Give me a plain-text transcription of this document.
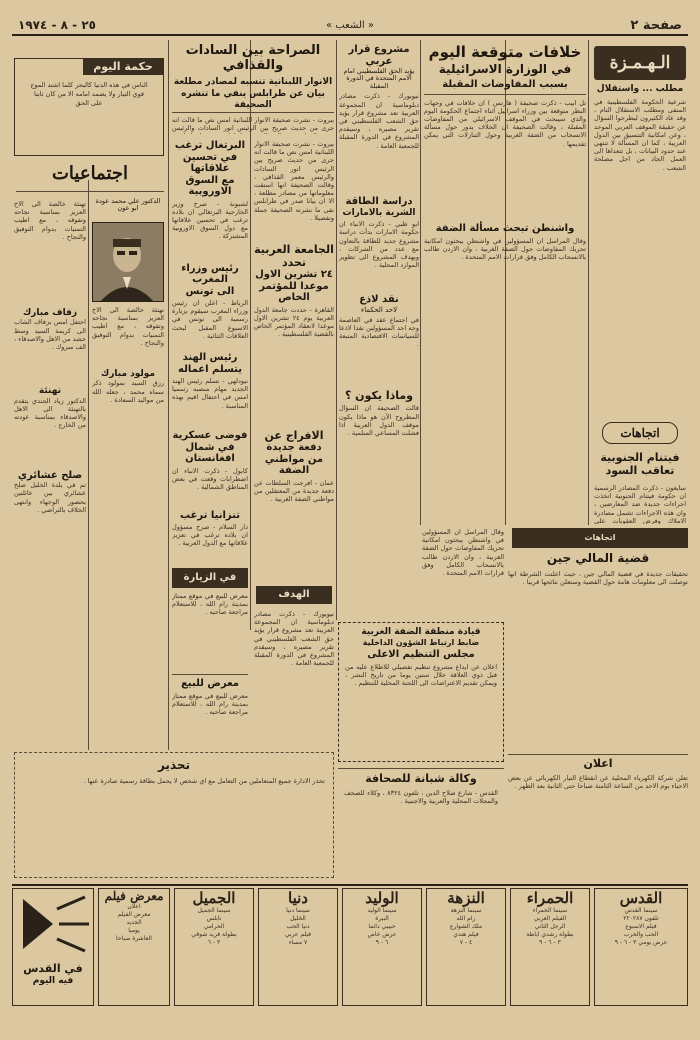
صفحة ٢
« الشعب »
٢٥ - ٨ - ١٩٧٤
الـهـمـزة
مطلب ... واستقلال
شرعية الحكومة الفلسطينية في المنفى ومطلب الاستقلال التام ، وقد عاد الكثيرون ليطرحوا السؤال عن حقيقة الموقف العربي الموحد ، وعن امكانية التنسيق بين الدول العربية ، كما ان المسألة لا تنتهي عند حدود البيانات ، بل تتعداها الى العمل الجاد من اجل مصلحة الشعب .
اتجاهات
فيتنام الجنوبية تعاقب السود
سايغون - ذكرت المصادر الرسمية ان حكومة فيتنام الجنوبية اتخذت اجراءات جديدة ضد المعارضين ، وان هذه الاجراءات تشمل مصادرة الاملاك وفرض العقوبات على
خلافات متوقعة اليوم
في الوزارة الاسرائيلية
بسبب المفاوضات المقبلة
تل ابيب - ذكرت صحيفة ( هارتس ) ان خلافات في وجهات النظر متوقعة بين وزراء اسرائيل اثناء اجتماع الحكومة اليوم والذي سيبحث في الموقف الاسرائيلي من المفاوضات المقبلة ، وقالت الصحيفة ان الخلاف يدور حول مسألة الانسحاب من الضفة الغربية وحول التنازلات التي يمكن تقديمها .
واشنطن تبحث مسألة الضفة
وقال المراسل ان المسؤولين في واشنطن يبحثون امكانية تحريك المفاوضات حول الضفة الغربية ، وان الاردن طالب بالانسحاب الكامل وفق قرارات الامم المتحدة .
مشروع قرار عربي
يؤيد الحق الفلسطيني امام الامم المتحدة في الدورة المقبلة
نيويورك - ذكرت مصادر دبلوماسية ان المجموعة العربية تعد مشروع قرار يؤيد حق الشعب الفلسطيني في تقرير مصيره ، وسيقدم المشروع في الدورة المقبلة للجمعية العامة .
دراسة الطاقة
الشرية بالامارات
ابو ظبي - ذكرت الانباء ان حكومة الامارات بدأت دراسة مشروع جديد للطاقة بالتعاون مع عدد من الشركات ، ويهدف المشروع الى تطوير الموارد المحلية .
نقد لاذع
لاحد الحكماء
في اجتماع عقد في العاصمة وجه احد المسؤولين نقدا لاذعا للسياسات الاقتصادية المتبعة .
وماذا يكون ؟
قالت الصحيفة ان السؤال المطروح الآن هو ماذا يكون موقف الدول العربية اذا فشلت المساعي السلمية .
الصراحة بين السادات والقذافي
الانوار اللبنانية تنسبه لمصادر مطلعة
بيان عن طرابلس ينفي ما تنشره الصحيفة
بيروت - نشرت صحيفة الانوار اللبنانية امس نص ما قالت انه جرى من حديث صريح بين الرئيس انور السادات والرئيس
بيروت - نشرت صحيفة الانوار اللبنانية امس نص ما قالت انه جرى من حديث صريح بين الرئيس انور السادات والرئيس معمر القذافي ، وقالت الصحيفة انها استقت معلوماتها من مصادر مطلعة ، الا ان بيانا صدر في طرابلس نفى ما نشرته الصحيفة جملة وتفصيلا .
الجامعة العربية تحدد
٢٤ تشرين الاول
موعدا للمؤتمر الخاص
القاهرة - حددت جامعة الدول العربية يوم ٢٤ تشرين الاول موعدا لانعقاد المؤتمر الخاص بالقضية الفلسطينية .
الافراج عن
دفعة جديدة
من مواطني الضفة
عمان - افرجت السلطات عن دفعة جديدة من المعتقلين من مواطني الضفة الغربية .
البرتغال ترغب
في تحسين علاقاتها
مع السوق الاوروبية
لشبونة - صرح وزير الخارجية البرتغالي ان بلاده ترغب في تحسين علاقاتها مع دول السوق الاوروبية المشتركة .
رئيس وزراء المغرب
الى تونس
الرباط - اعلن ان رئيس وزراء المغرب سيقوم بزيارة رسمية الى تونس في الاسبوع المقبل لبحث العلاقات الثنائية .
رئيس الهند
يتسلم اعماله
نيودلهي - تسلم رئيس الهند الجديد مهام منصبه رسميا امس في احتفال اقيم بهذه المناسبة .
فوضى عسكرية
في شمال افغانستان
كابول - ذكرت الانباء ان اضطرابات وقعت في بعض المناطق الشمالية .
تنزانيا ترغب
دار السلام - صرح مسؤول ان بلاده ترغب في تعزيز علاقاتها مع الدول العربية .
حكمة اليوم
الناس في هذه الدنيا كالبحر كلما اشتد الموج قوي التيار ولا يصمد امامه الا من كان ثابتا على الحق
اجتماعيات
الدكتور علي محمد عودة ابو عون
تهنئة خالصة الى الاخ العزيز بمناسبة نجاحه وتفوقه ، مع اطيب التمنيات بدوام التوفيق والنجاح .
زفاف مبارك
احتفل امس بزفاف الشاب الى كريمة السيد وسط حشد من الاهل والاصدقاء ، الف مبروك .
تهنئة
الدكتور زياد الجندي يتقدم بالتهنئة الى الاهل والاصدقاء بمناسبة عودته من الخارج .
صلح عشائري
تم في بلدة الخليل صلح عشائري بين عائلتين بحضور الوجهاء وانتهى الخلاف بالتراضي .
تهنئة خالصة الى الاخ العزيز بمناسبة نجاحه وتفوقه ، مع اطيب التمنيات بدوام التوفيق والنجاح .
مولود مبارك
رزق السيد بمولود ذكر سماه محمد ، جعله الله من مواليد السعادة .
تحذير
تحذر الادارة جميع المتعاملين من التعامل مع اي شخص لا يحمل بطاقة رسمية صادرة عنها .
في الزيارة
معرض للبيع في موقع ممتاز بمدينة رام الله ، للاستعلام مراجعة صاحبه .
الهدف
نيويورك - ذكرت مصادر دبلوماسية ان المجموعة العربية تعد مشروع قرار يؤيد حق الشعب الفلسطيني في تقرير مصيره ، وسيقدم المشروع في الدورة المقبلة للجمعية العامة .
معرض للبيع
معرض للبيع في موقع ممتاز بمدينة رام الله ، للاستعلام مراجعة صاحبه .
قيادة منطقة الضفة الغربية
ضابط ارتباط الشؤون الداخلية
مجلس التنظيم الاعلى
اعلان عن ايداع مشروع تنظيم تفصيلي للاطلاع عليه من قبل ذوي العلاقة خلال ستين يوما من تاريخ النشر ، ويمكن تقديم الاعتراضات الى اللجنة المحلية للتنظيم .
وكالة شبانة للصحافة
القدس - شارع صلاح الدين ، تلفون ٨٣٢٤ ، وكلاء للصحف والمجلات المحلية والعربية والاجنبية .
اتجاهات
قضية المالي جين
تحقيقات جديدة في قضية المالي جين ، حيث اعلنت الشرطة انها توصلت الى معلومات هامة حول القضية وستعلن نتائجها قريبا .
اعلان
تعلن شركة الكهرباء المحلية عن انقطاع التيار الكهربائي عن بعض الاحياء يوم الاحد من الساعة الثامنة صباحا حتى الثانية بعد الظهر .
وقال المراسل ان المسؤولين في واشنطن يبحثون امكانية تحريك المفاوضات حول الضفة الغربية ، وان الاردن طالب بالانسحاب الكامل وفق قرارات الامم المتحدة .
القدس
سينما القدس
تلفون ٢٢٠٢٨٧
فيلم الاسبوع
الحب والحرب
عرض يومي ٣ - ٦ - ٩
الحمراء
سينما الحمراء
الفيلم العربي
الرجل الثاني
بطولة رشدي اباظة
٣ - ٦ - ٩
النزهة
سينما النزهة
رام الله
ملك الشوارع
فيلم هندي
٤ - ٧
الوليد
سينما الوليد
البيرة
حبيبي دائما
عرض خاص
٦ - ٩
دنيا
سينما دنيا
الخليل
دنيا الحب
فيلم عربي
٧ مساء
الجميل
سينما الجميل
نابلس
الحرامي
بطولة فريد شوقي
٣ - ٦
معرض فيلم
اعلان
معرض الفيلم
الجديد
يوميا
العاشرة صباحا
في القدس
فيه اليوم
